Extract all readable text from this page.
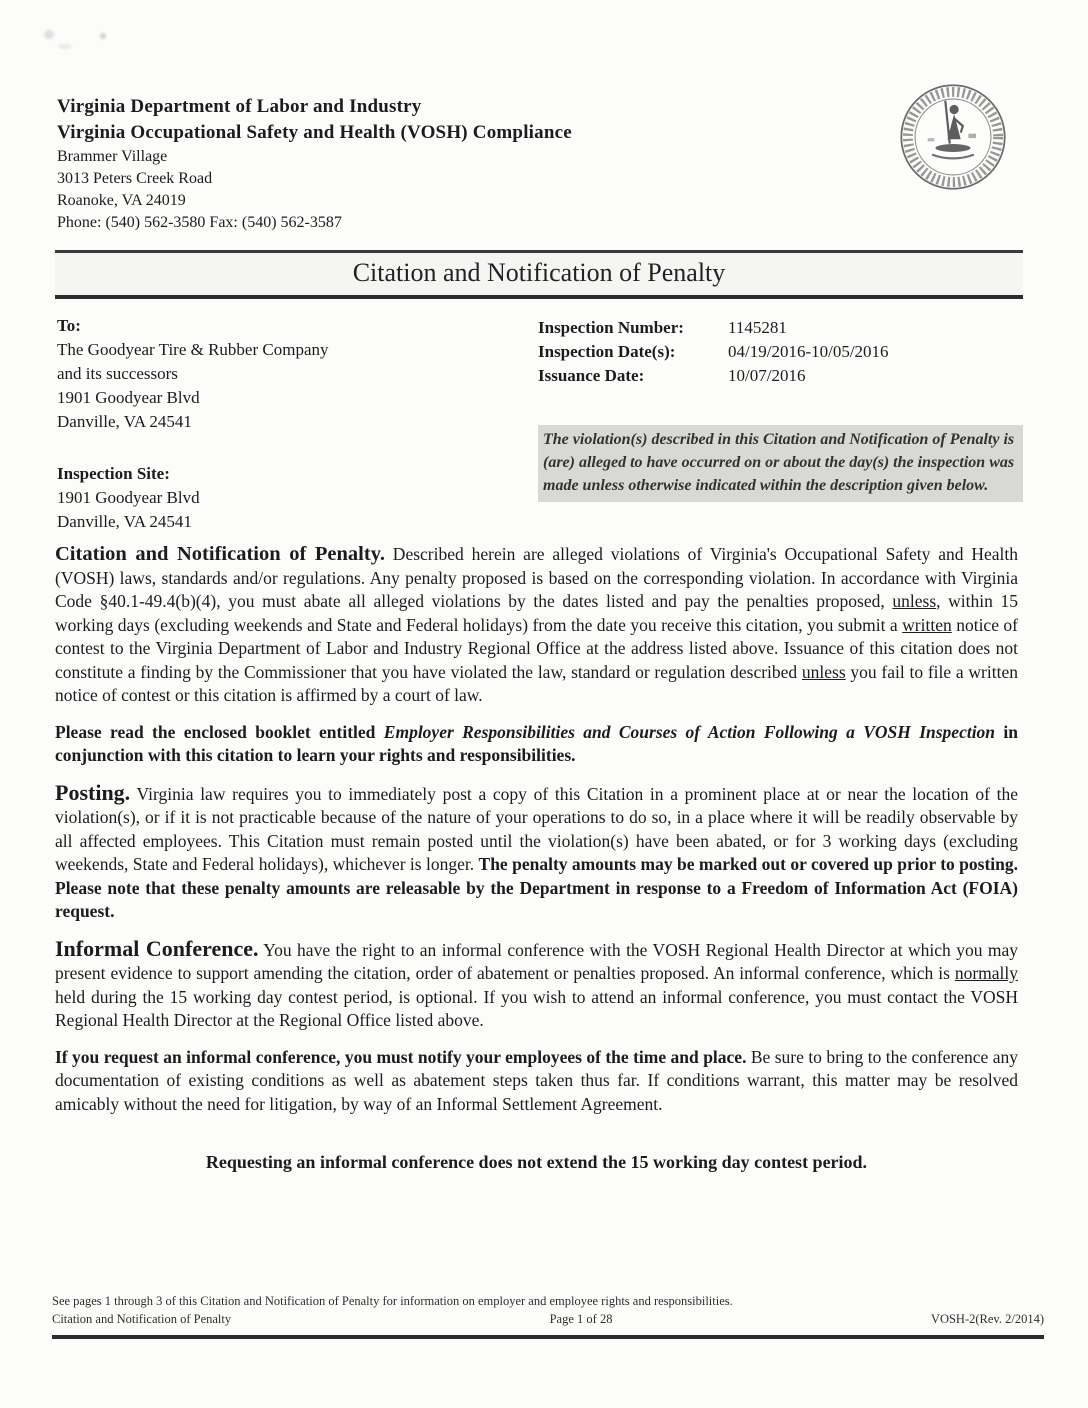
Virginia Department of Labor and Industry
Virginia Occupational Safety and Health (VOSH) Compliance
Brammer Village
3013 Peters Creek Road
Roanoke, VA 24019
Phone: (540) 562-3580 Fax: (540) 562-3587
Citation and Notification of Penalty
To:
The Goodyear Tire & Rubber Company
and its successors
1901 Goodyear Blvd
Danville, VA 24541
Inspection Site:
1901 Goodyear Blvd
Danville, VA 24541
Inspection Number:	1145281
Inspection Date(s):	04/19/2016-10/05/2016
Issuance Date:	10/07/2016
The violation(s) described in this Citation and Notification of Penalty is (are) alleged to have occurred on or about the day(s) the inspection was made unless otherwise indicated within the description given below.

Citation and Notification of Penalty. Described herein are alleged violations of Virginia's Occupational Safety and Health (VOSH) laws, standards and/or regulations. Any penalty proposed is based on the corresponding violation. In accordance with Virginia Code §40.1-49.4(b)(4), you must abate all alleged violations by the dates listed and pay the penalties proposed, unless, within 15 working days (excluding weekends and State and Federal holidays) from the date you receive this citation, you submit a written notice of contest to the Virginia Department of Labor and Industry Regional Office at the address listed above. Issuance of this citation does not constitute a finding by the Commissioner that you have violated the law, standard or regulation described unless you fail to file a written notice of contest or this citation is affirmed by a court of law.

Please read the enclosed booklet entitled Employer Responsibilities and Courses of Action Following a VOSH Inspection in conjunction with this citation to learn your rights and responsibilities.

Posting. Virginia law requires you to immediately post a copy of this Citation in a prominent place at or near the location of the violation(s), or if it is not practicable because of the nature of your operations to do so, in a place where it will be readily observable by all affected employees. This Citation must remain posted until the violation(s) have been abated, or for 3 working days (excluding weekends, State and Federal holidays), whichever is longer. The penalty amounts may be marked out or covered up prior to posting. Please note that these penalty amounts are releasable by the Department in response to a Freedom of Information Act (FOIA) request.

Informal Conference. You have the right to an informal conference with the VOSH Regional Health Director at which you may present evidence to support amending the citation, order of abatement or penalties proposed. An informal conference, which is normally held during the 15 working day contest period, is optional. If you wish to attend an informal conference, you must contact the VOSH Regional Health Director at the Regional Office listed above.

If you request an informal conference, you must notify your employees of the time and place. Be sure to bring to the conference any documentation of existing conditions as well as abatement steps taken thus far. If conditions warrant, this matter may be resolved amicably without the need for litigation, by way of an Informal Settlement Agreement.

Requesting an informal conference does not extend the 15 working day contest period.

See pages 1 through 3 of this Citation and Notification of Penalty for information on employer and employee rights and responsibilities.
Citation and Notification of Penalty	Page 1 of 28	VOSH-2(Rev. 2/2014)
